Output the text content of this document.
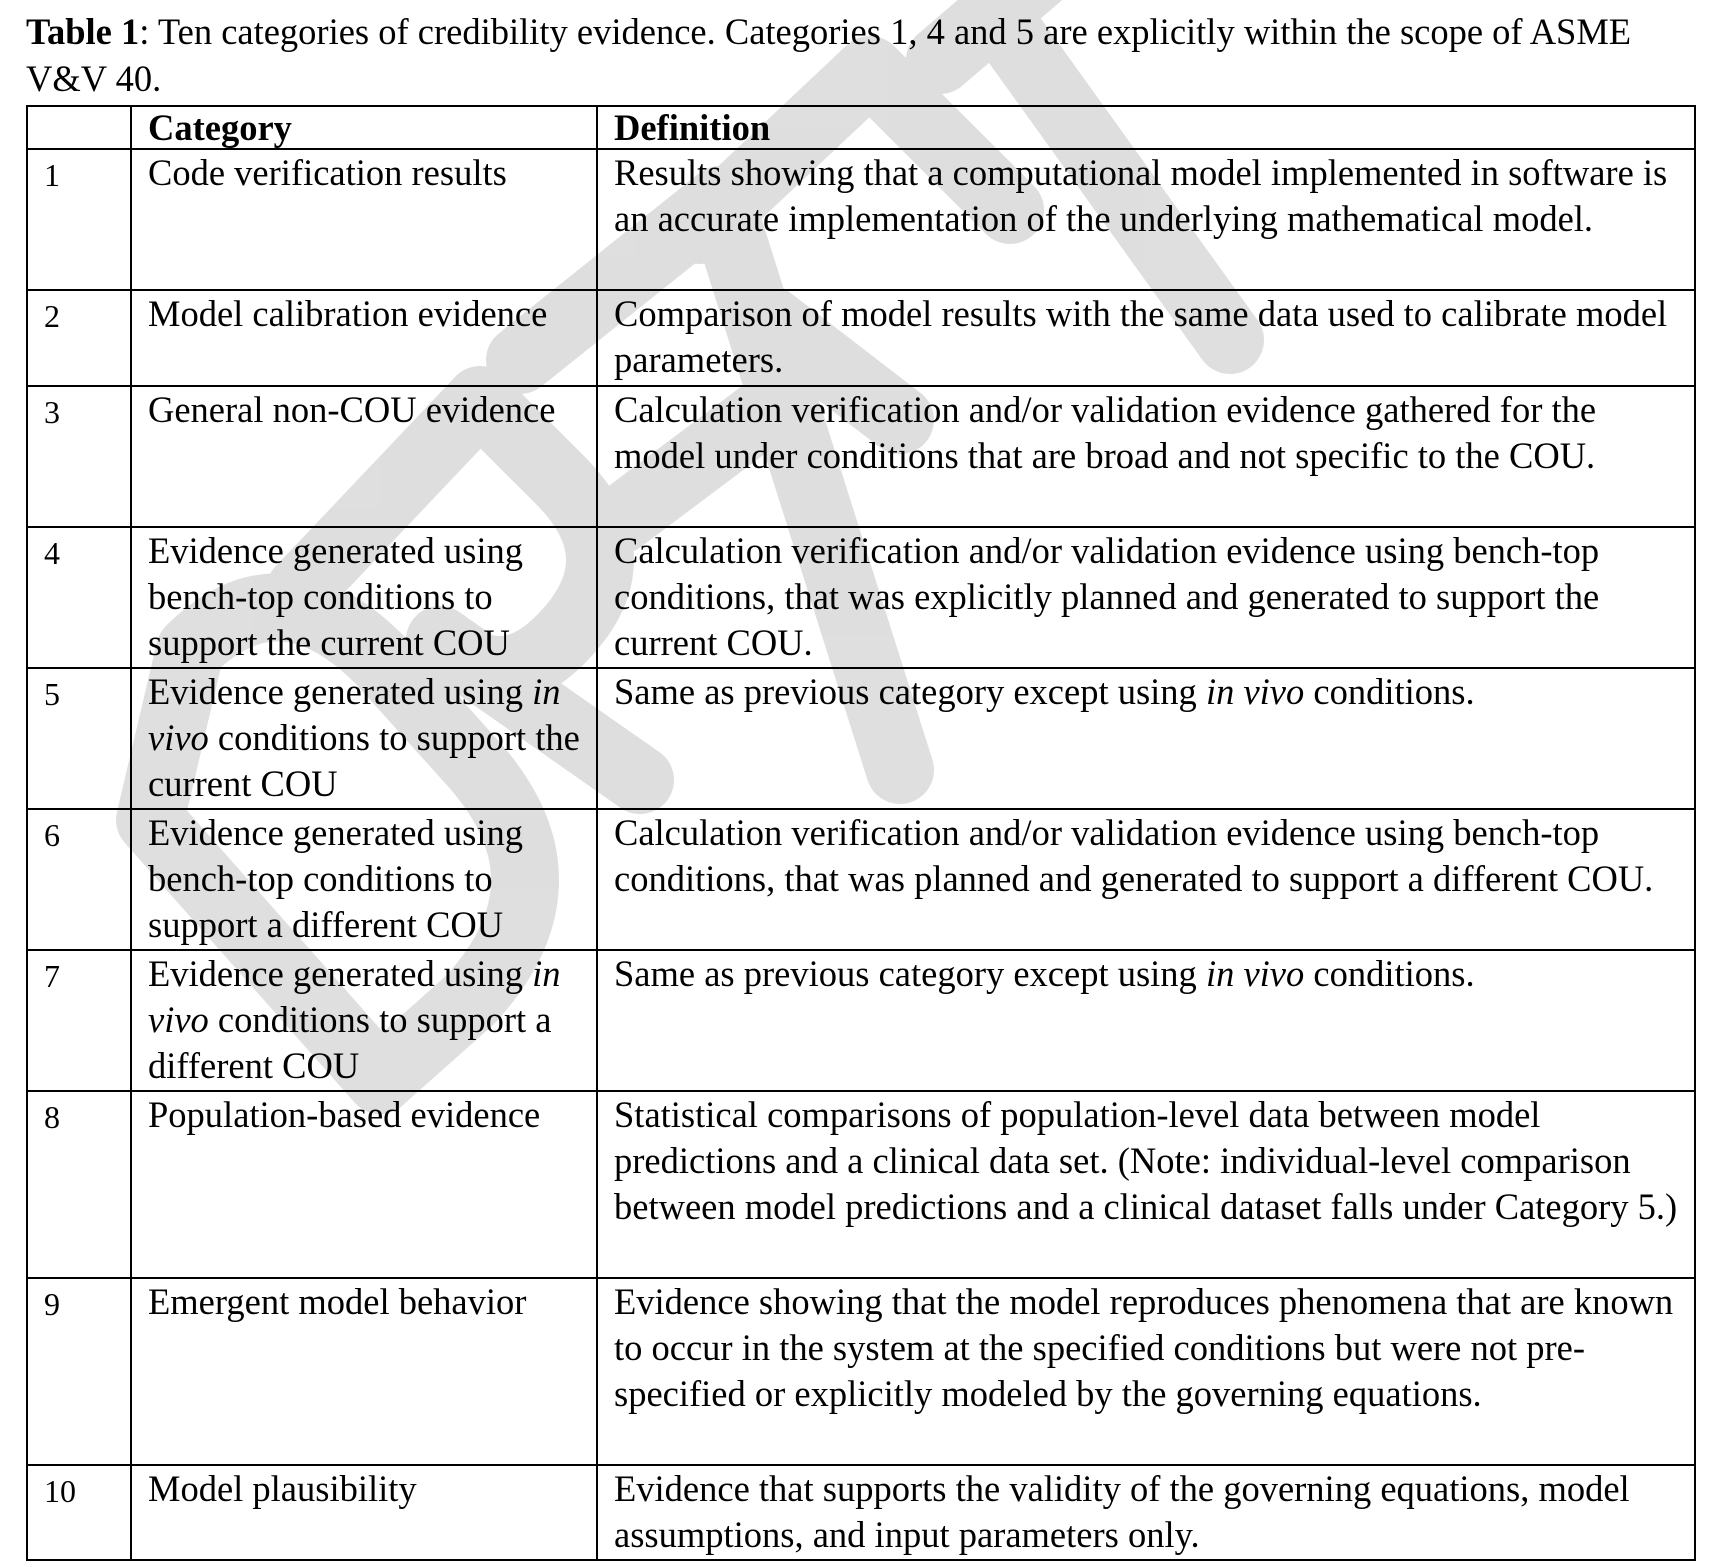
Table 1: Ten categories of credibility evidence. Categories 1, 4 and 5 are explicitly within the scope of ASME V&V 40.
	Category	Definition
1	Code verification results	Results showing that a computational model implemented in software is an accurate implementation of the underlying mathematical model.
2	Model calibration evidence	Comparison of model results with the same data used to calibrate model parameters.
3	General non-COU evidence	Calculation verification and/or validation evidence gathered for the model under conditions that are broad and not specific to the COU.
4	Evidence generated using bench-top conditions to support the current COU	Calculation verification and/or validation evidence using bench-top conditions, that was explicitly planned and generated to support the current COU.
5	Evidence generated using in vivo conditions to support the current COU	Same as previous category except using in vivo conditions.
6	Evidence generated using bench-top conditions to support a different COU	Calculation verification and/or validation evidence using bench-top conditions, that was planned and generated to support a different COU.
7	Evidence generated using in vivo conditions to support a different COU	Same as previous category except using in vivo conditions.
8	Population-based evidence	Statistical comparisons of population-level data between model predictions and a clinical data set. (Note: individual-level comparison between model predictions and a clinical dataset falls under Category 5.)
9	Emergent model behavior	Evidence showing that the model reproduces phenomena that are known to occur in the system at the specified conditions but were not pre-specified or explicitly modeled by the governing equations.
10	Model plausibility	Evidence that supports the validity of the governing equations, model assumptions, and input parameters only.
